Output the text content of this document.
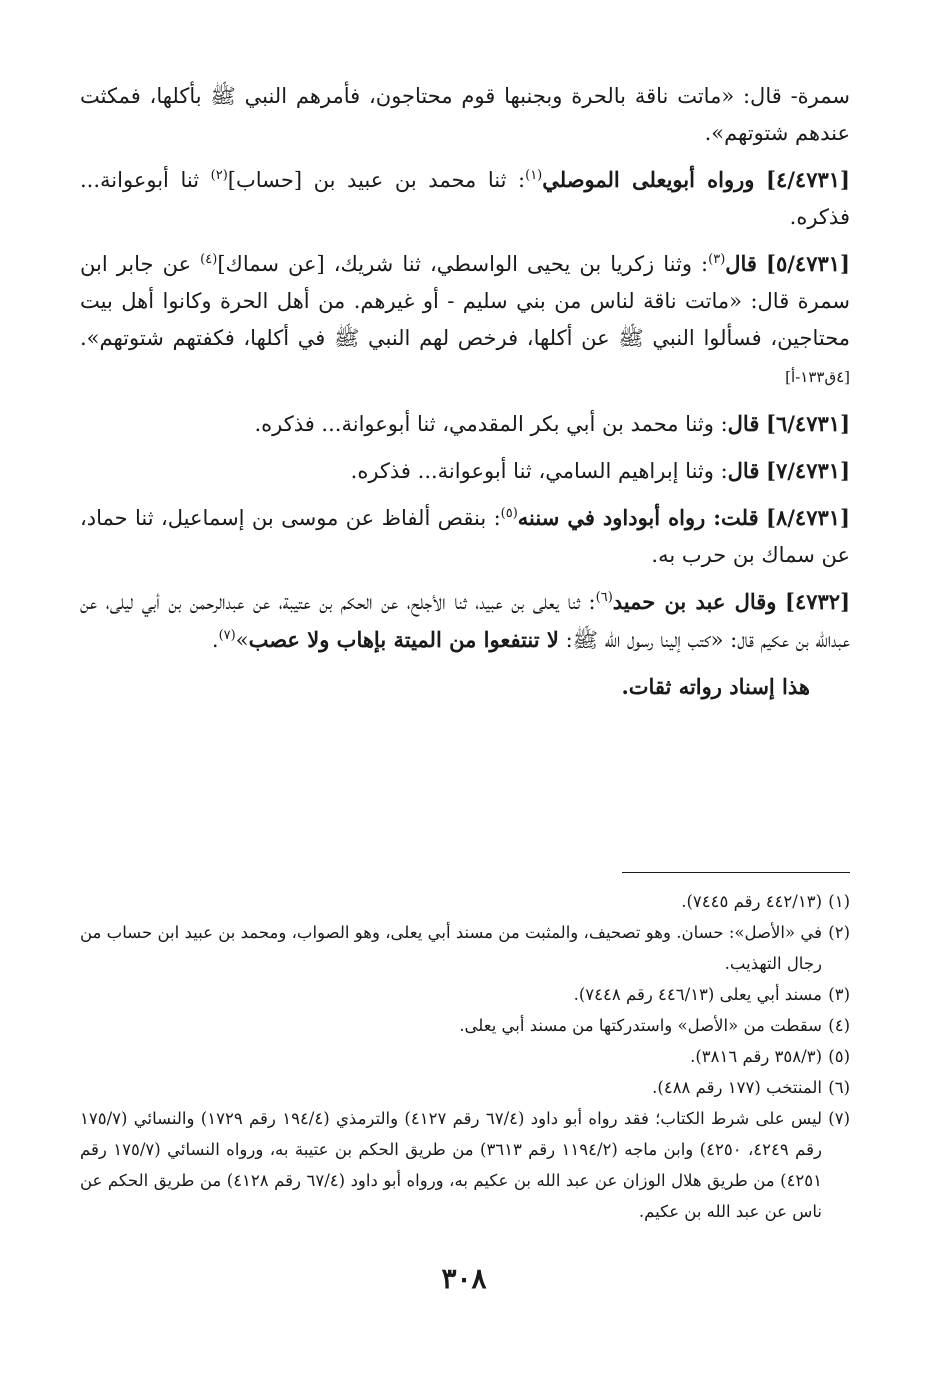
سمرة- قال: «ماتت ناقة بالحرة وبجنبها قوم محتاجون، فأمرهم النبي ﷺ بأكلها، فمكثت عندهم شتوتهم».

[٤/٤٧٣١] ورواه أبويعلى الموصلي$^{(١)}$: ثنا محمد بن عبيد بن [حساب]$^{(٢)}$ ثنا أبوعوانة... فذكره.

[٥/٤٧٣١] قال$^{(٣)}$: وثنا زكريا بن يحيى الواسطي، ثنا شريك، [عن سماك]$^{(٤)}$ عن جابر ابن سمرة قال: «ماتت ناقة لناس من بني سليم - أو غيرهم. من أهل الحرة وكانوا أهل بيت محتاجين، فسألوا النبي ﷺ عن أكلها، فرخص لهم النبي ﷺ في أكلها، فكفتهم شتوتهم». [٤ق١٣٣-أ]

[٦/٤٧٣١] قال: وثنا محمد بن أبي بكر المقدمي، ثنا أبوعوانة... فذكره.

[٧/٤٧٣١] قال: وثنا إبراهيم السامي، ثنا أبوعوانة... فذكره.

[٨/٤٧٣١] قلت: رواه أبوداود في سننه$^{(٥)}$: بنقص ألفاظ عن موسى بن إسماعيل، ثنا حماد، عن سماك بن حرب به.

[٤٧٣٢] وقال عبد بن حميد$^{(٦)}$: ثنا يعلى بن عبيد، ثنا الأجلح، عن الحكم بن عتيبة، عن عبدالرحمن بن أبي ليلى، عن عبدالله بن عكيم قال: «كتب إلينا رسول الله ﷺ: لا تنتفعوا من الميتة بإهاب ولا عصب»$^{(٧)}$.

هذا إسناد رواته ثقات.

(١)
(٤٤٢/١٣ رقم ٧٤٤٥).
(٢)
في «الأصل»: حسان. وهو تصحيف، والمثبت من مسند أبي يعلى، وهو الصواب، ومحمد بن عبيد ابن حساب من رجال التهذيب.
(٣)
مسند أبي يعلى (٤٤٦/١٣ رقم ٧٤٤٨).
(٤)
سقطت من «الأصل» واستدركتها من مسند أبي يعلى.
(٥)
(٣٥٨/٣ رقم ٣٨١٦).
(٦)
المنتخب (١٧٧ رقم ٤٨٨).
(٧)
ليس على شرط الكتاب؛ فقد رواه أبو داود (٦٧/٤ رقم ٤١٢٧) والترمذي (١٩٤/٤ رقم ١٧٢٩) والنسائي (١٧٥/٧ رقم ٤٢٤٩، ٤٢٥٠) وابن ماجه (١١٩٤/٢ رقم ٣٦١٣) من طريق الحكم بن عتيبة به، ورواه النسائي (١٧٥/٧ رقم ٤٢٥١) من طريق هلال الوزان عن عبد الله بن عكيم به، ورواه أبو داود (٦٧/٤ رقم ٤١٢٨) من طريق الحكم عن ناس عن عبد الله بن عكيم.
٣٠٨
